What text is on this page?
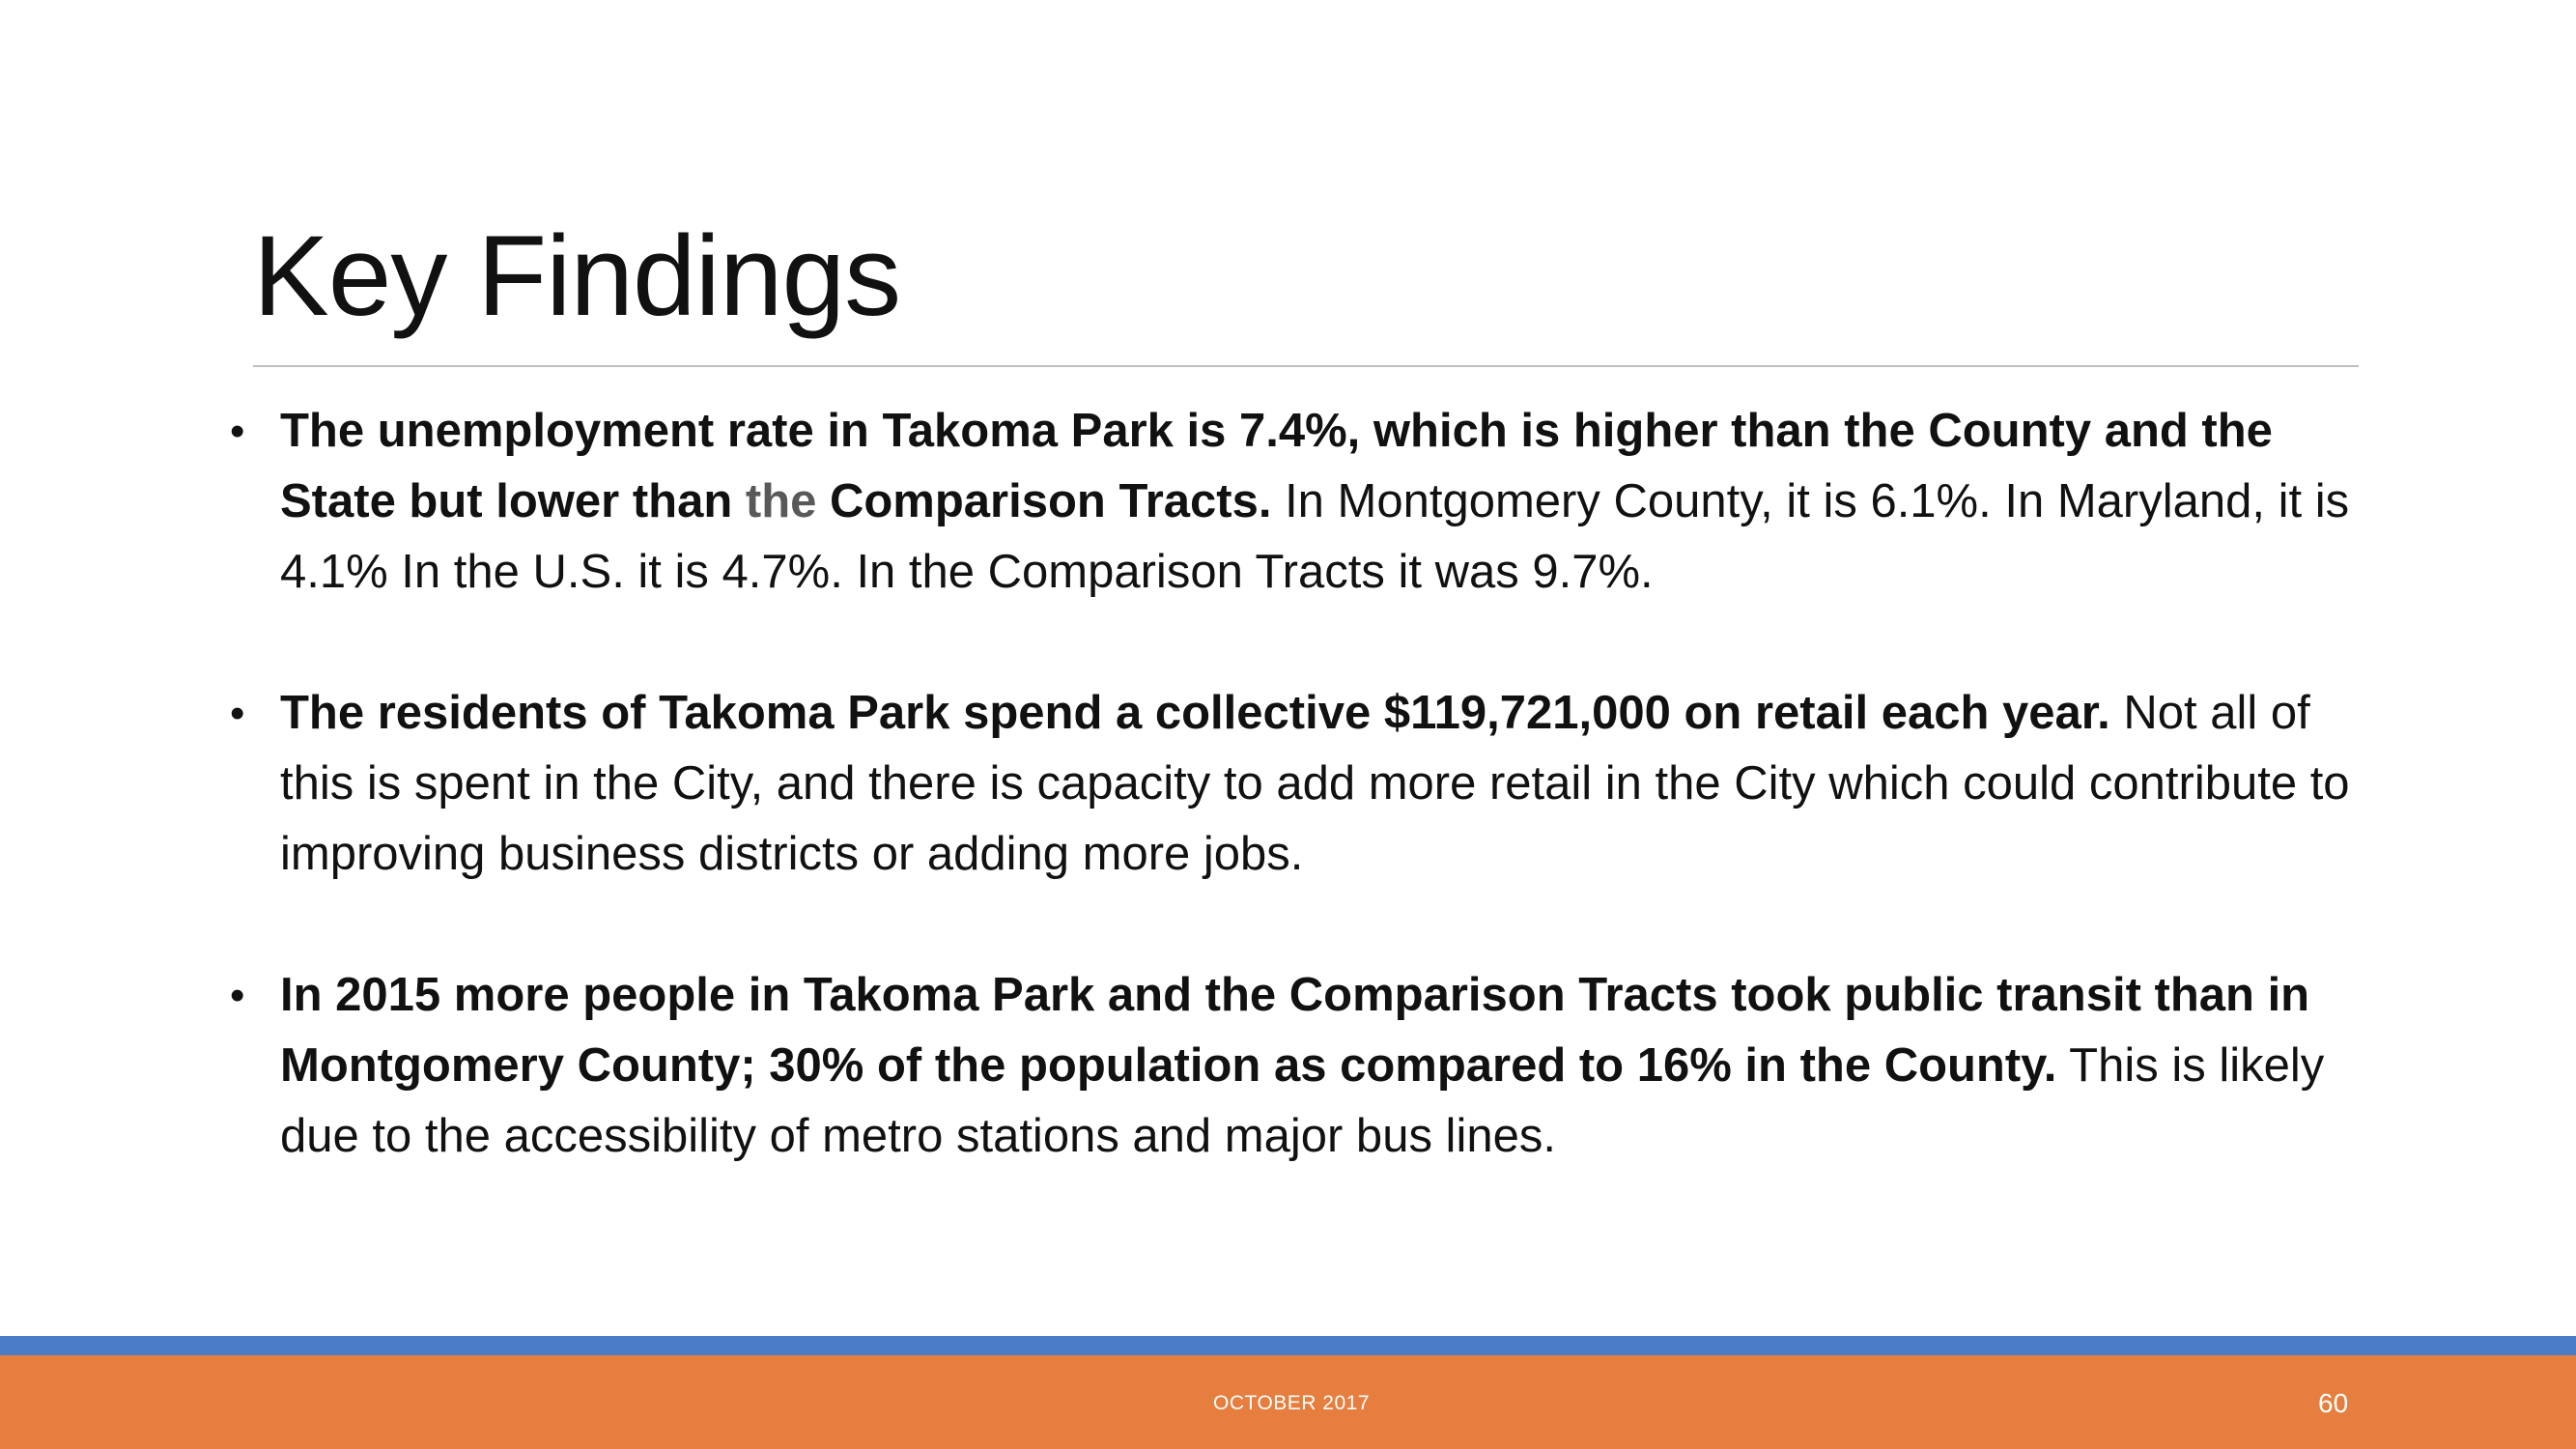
Key Findings
• The unemployment rate in Takoma Park is 7.4%, which is higher than the County and the State but lower than the Comparison Tracts. In Montgomery County, it is 6.1%. In Maryland, it is 4.1% In the U.S. it is 4.7%. In the Comparison Tracts it was 9.7%.
• The residents of Takoma Park spend a collective $119,721,000 on retail each year. Not all of this is spent in the City, and there is capacity to add more retail in the City which could contribute to improving business districts or adding more jobs.
• In 2015 more people in Takoma Park and the Comparison Tracts took public transit than in Montgomery County; 30% of the population as compared to 16% in the County. This is likely due to the accessibility of metro stations and major bus lines.
OCTOBER 2017	60
